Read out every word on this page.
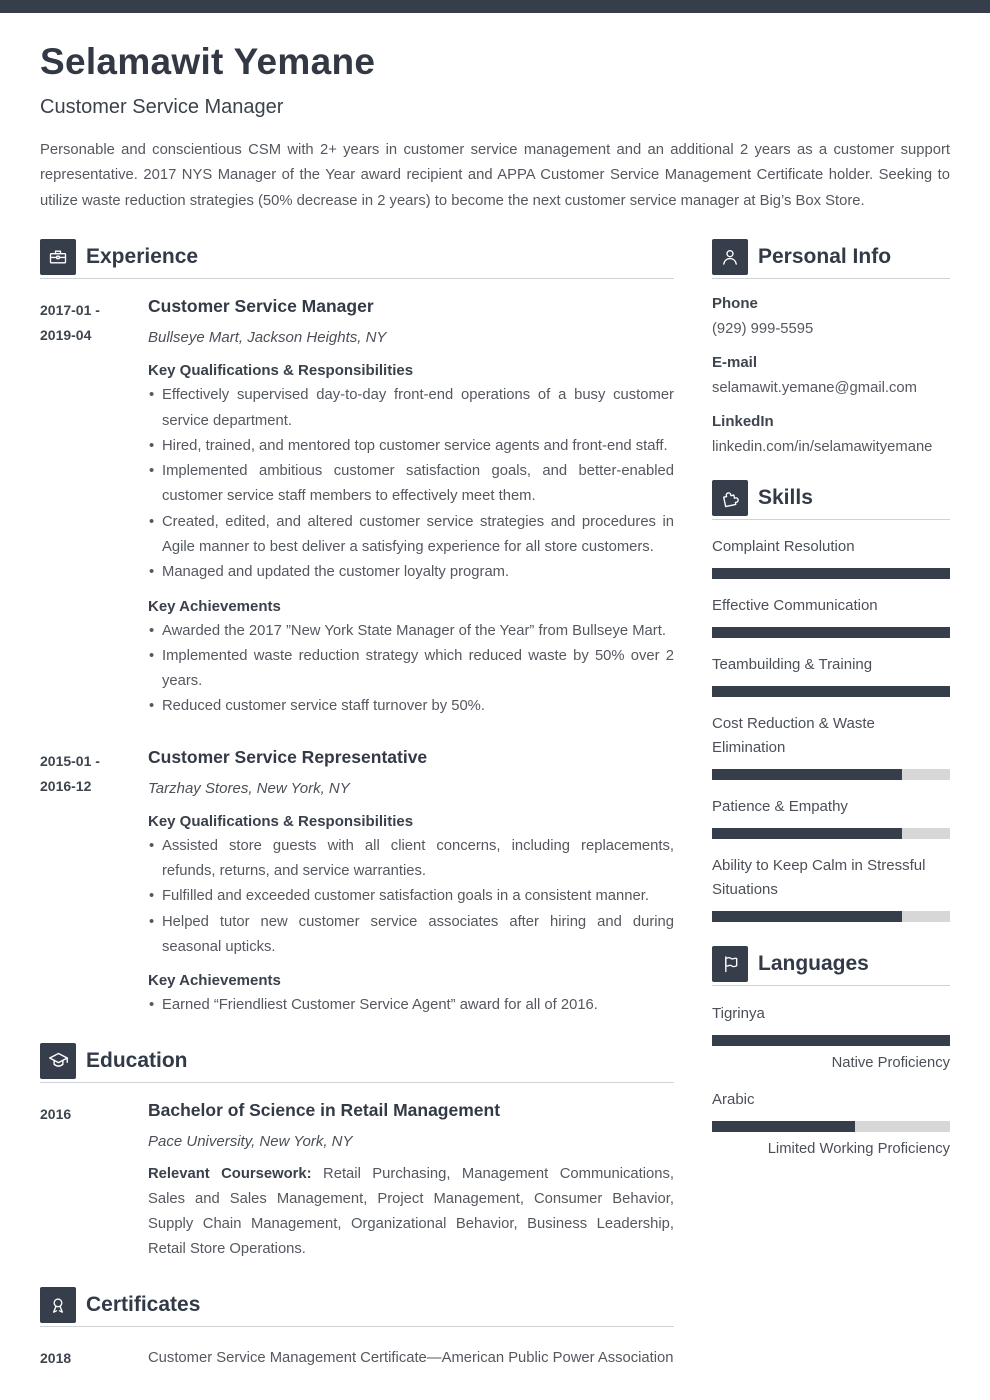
Selamawit Yemane
Customer Service Manager

Personable and conscientious CSM with 2+ years in customer service management and an additional 2 years as a customer support representative. 2017 NYS Manager of the Year award recipient and APPA Customer Service Management Certificate holder. Seeking to utilize waste reduction strategies (50% decrease in 2 years) to become the next customer service manager at Big’s Box Store.

Experience
2017-01 -
2019-04
Customer Service Manager
Bullseye Mart, Jackson Heights, NY
Key Qualifications & Responsibilities
• Effectively supervised day-to-day front-end operations of a busy customer service department.
• Hired, trained, and mentored top customer service agents and front-end staff.
• Implemented ambitious customer satisfaction goals, and better-enabled customer service staff members to effectively meet them.
• Created, edited, and altered customer service strategies and procedures in Agile manner to best deliver a satisfying experience for all store customers.
• Managed and updated the customer loyalty program.
Key Achievements
• Awarded the 2017 ”New York State Manager of the Year” from Bullseye Mart.
• Implemented waste reduction strategy which reduced waste by 50% over 2 years.
• Reduced customer service staff turnover by 50%.
2015-01 -
2016-12
Customer Service Representative
Tarzhay Stores, New York, NY
Key Qualifications & Responsibilities
• Assisted store guests with all client concerns, including replacements, refunds, returns, and service warranties.
• Fulfilled and exceeded customer satisfaction goals in a consistent manner.
• Helped tutor new customer service associates after hiring and during seasonal upticks.
Key Achievements
• Earned “Friendliest Customer Service Agent” award for all of 2016.
Education
2016	Bachelor of Science in Retail Management
Pace University, New York, NY

Relevant Coursework: Retail Purchasing, Management Communications, Sales and Sales Management, Project Management, Consumer Behavior, Supply Chain Management, Organizational Behavior, Business Leadership, Retail Store Operations.

Certificates
2018	Customer Service Management Certificate—American Public Power Association
Personal Info
Phone
(929) 999-5595
E-mail
selamawit.yemane@gmail.com
LinkedIn
linkedin.com/in/selamawityemane
Skills
Complaint Resolution
Effective Communication
Teambuilding & Training
Cost Reduction & Waste Elimination
Patience & Empathy
Ability to Keep Calm in Stressful Situations
Languages
Tigrinya
Native Proficiency
Arabic
Limited Working Proficiency
